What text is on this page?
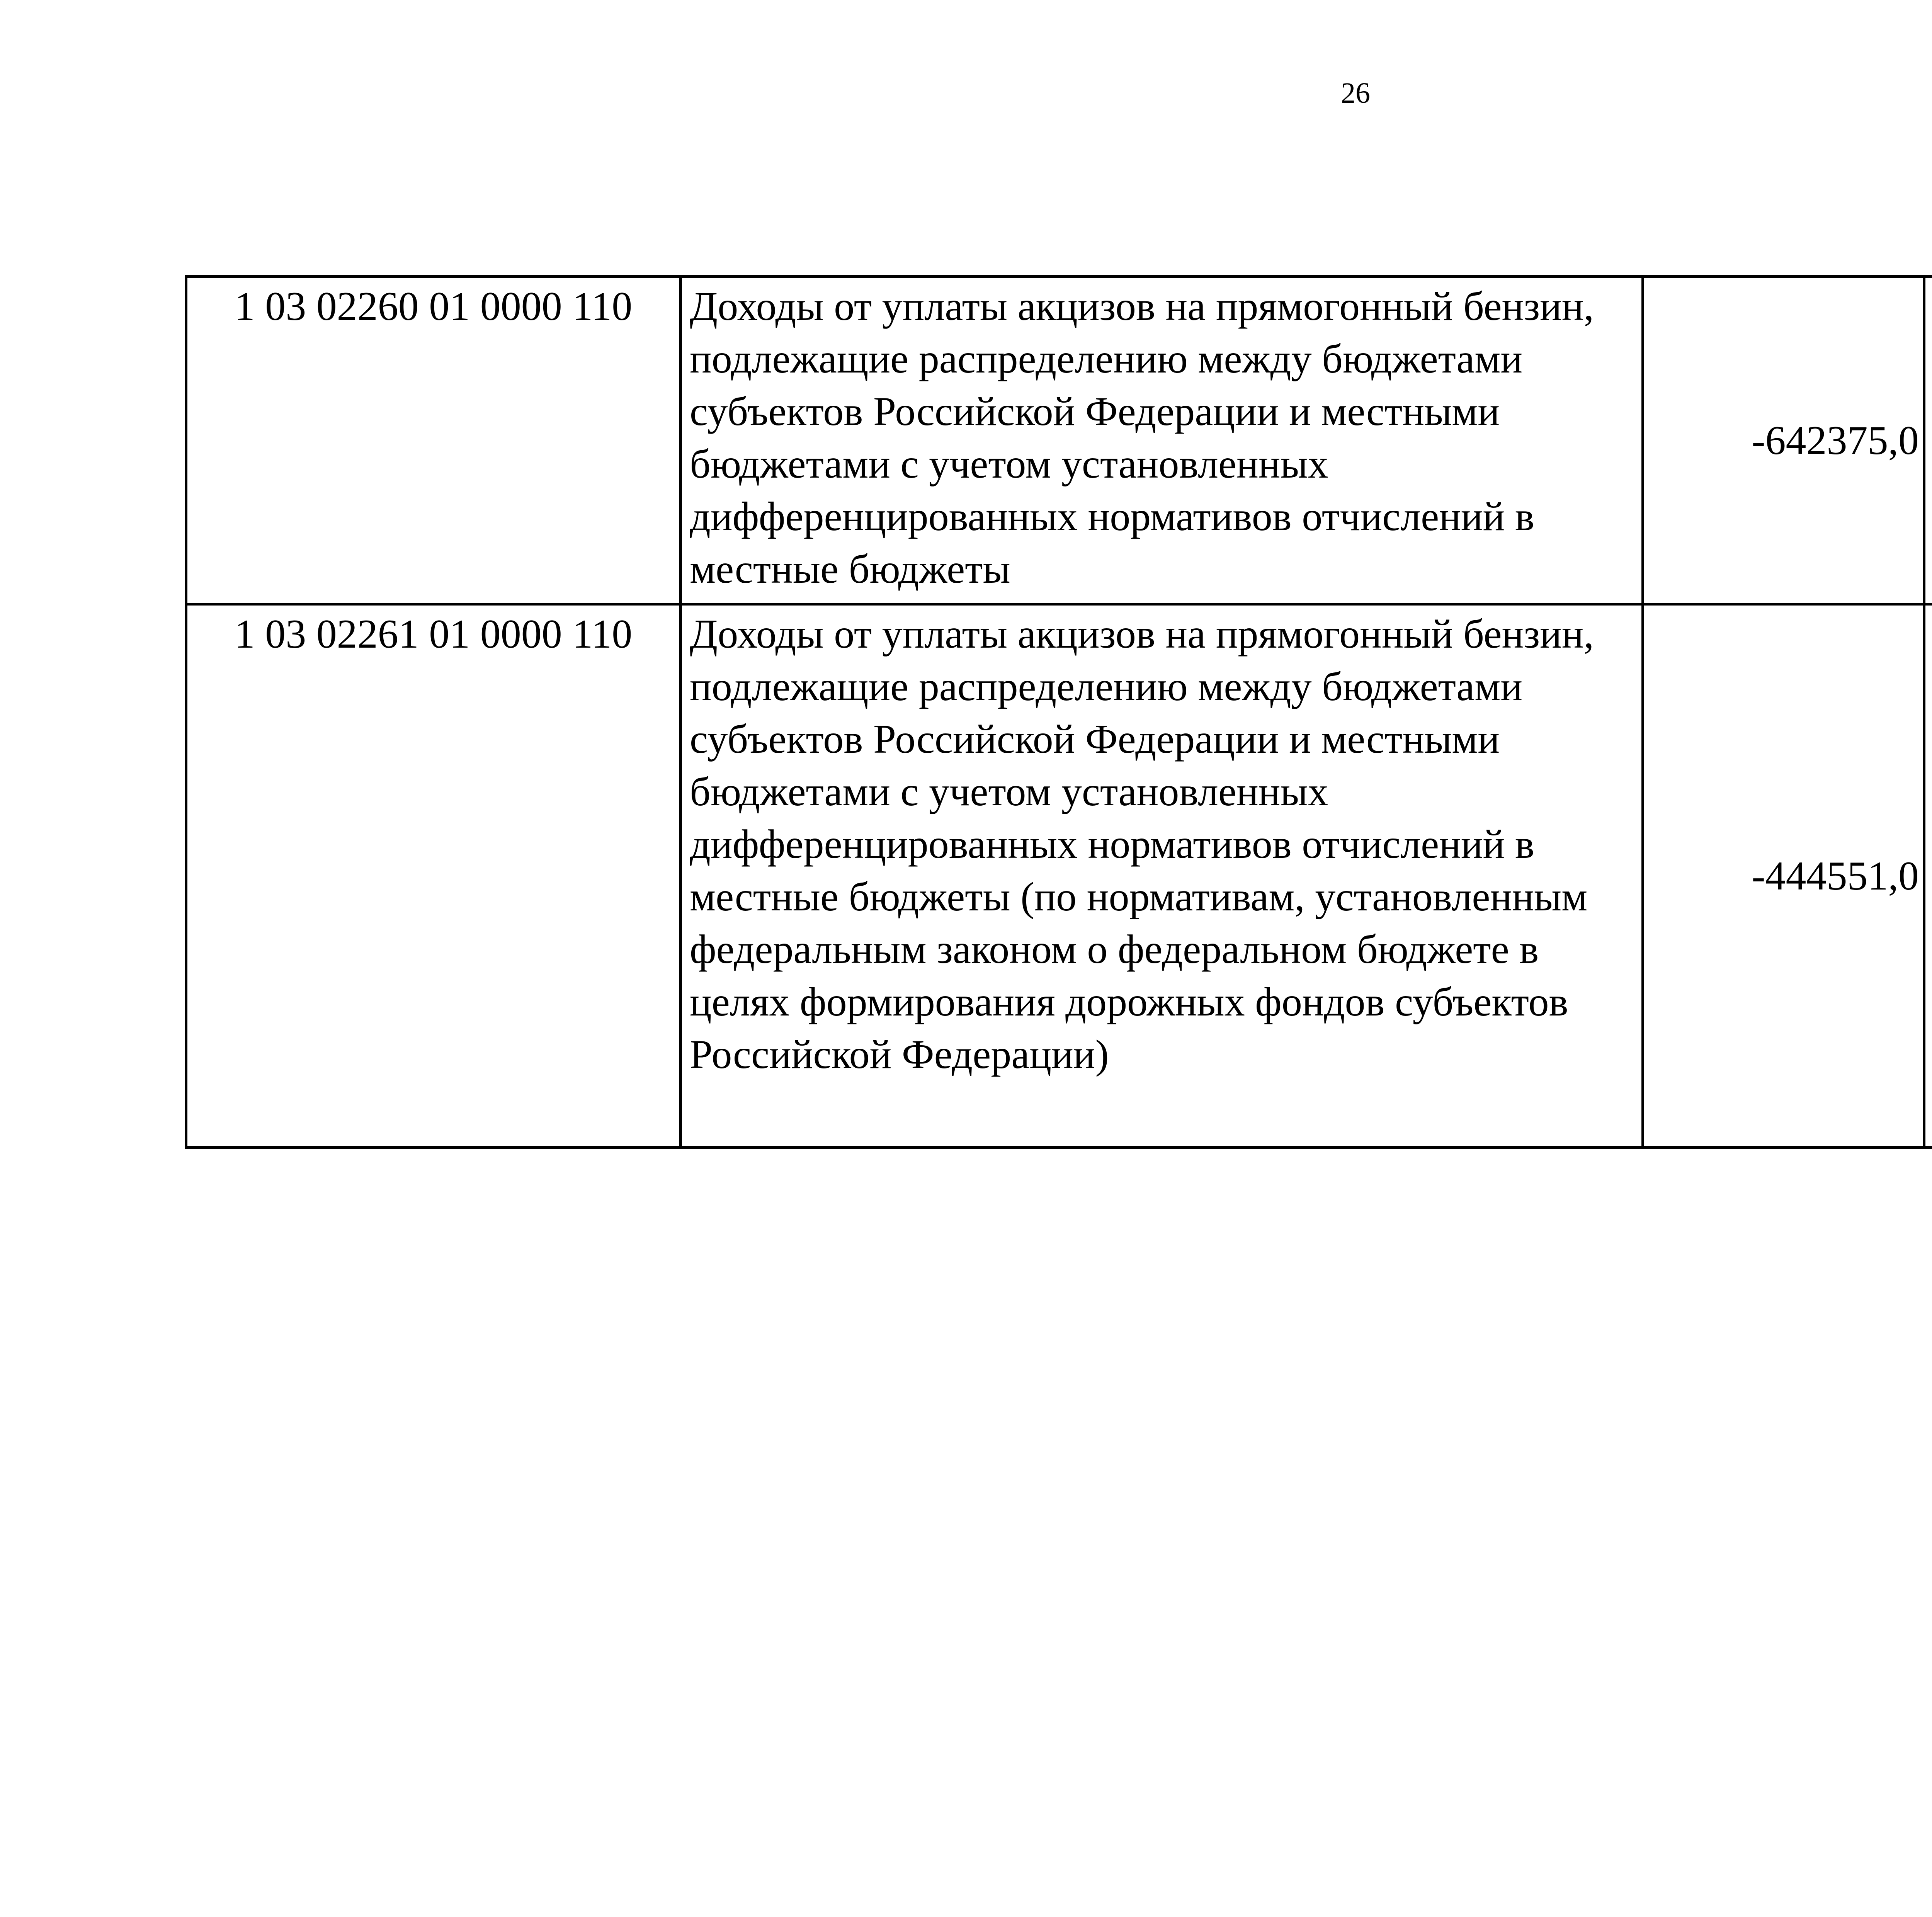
26
1 03 02260 01 0000 110	Доходы от уплаты акцизов на прямогонный бензин, подлежащие распределению между бюджетами субъектов Российской Федерации и местными бюджетами с учетом установленных дифференцированных нормативов отчислений в местные бюджеты	-642375,0		
1 03 02261 01 0000 110	Доходы от уплаты акцизов на прямогонный бензин, подлежащие распределению между бюджетами субъектов Российской Федерации и местными бюджетами с учетом установленных дифференцированных нормативов отчислений в местные бюджеты (по нормативам, установленным федеральным законом о федеральном бюджете в целях формирования дорожных фондов субъектов Российской Федерации)	-444551,0		
